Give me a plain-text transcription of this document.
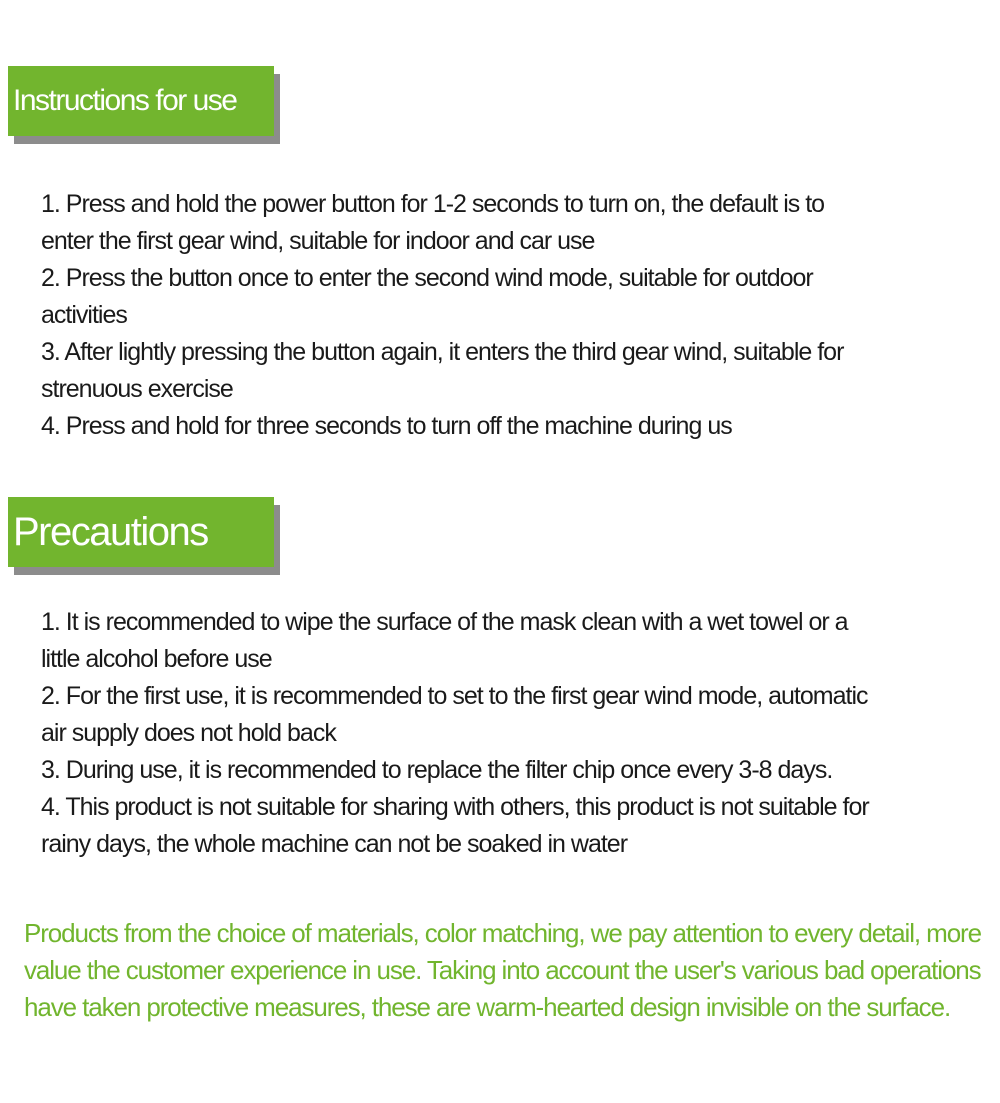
Instructions for use
1. Press and hold the power button for 1-2 seconds to turn on, the default is to enter the first gear wind, suitable for indoor and car use
2. Press the button once to enter the second wind mode, suitable for outdoor activities
3. After lightly pressing the button again, it enters the third gear wind, suitable for strenuous exercise
4. Press and hold for three seconds to turn off the machine during us
Precautions
1. It is recommended to wipe the surface of the mask clean with a wet towel or a little alcohol before use
2. For the first use, it is recommended to set to the first gear wind mode, automatic air supply does not hold back
3. During use, it is recommended to replace the filter chip once every 3-8 days.
4. This product is not suitable for sharing with others, this product is not suitable for rainy days, the whole machine can not be soaked in water

Products from the choice of materials, color matching, we pay attention to every detail, more value the customer experience in use. Taking into account the user's various bad operations have taken protective measures, these are warm-hearted design invisible on the surface.
